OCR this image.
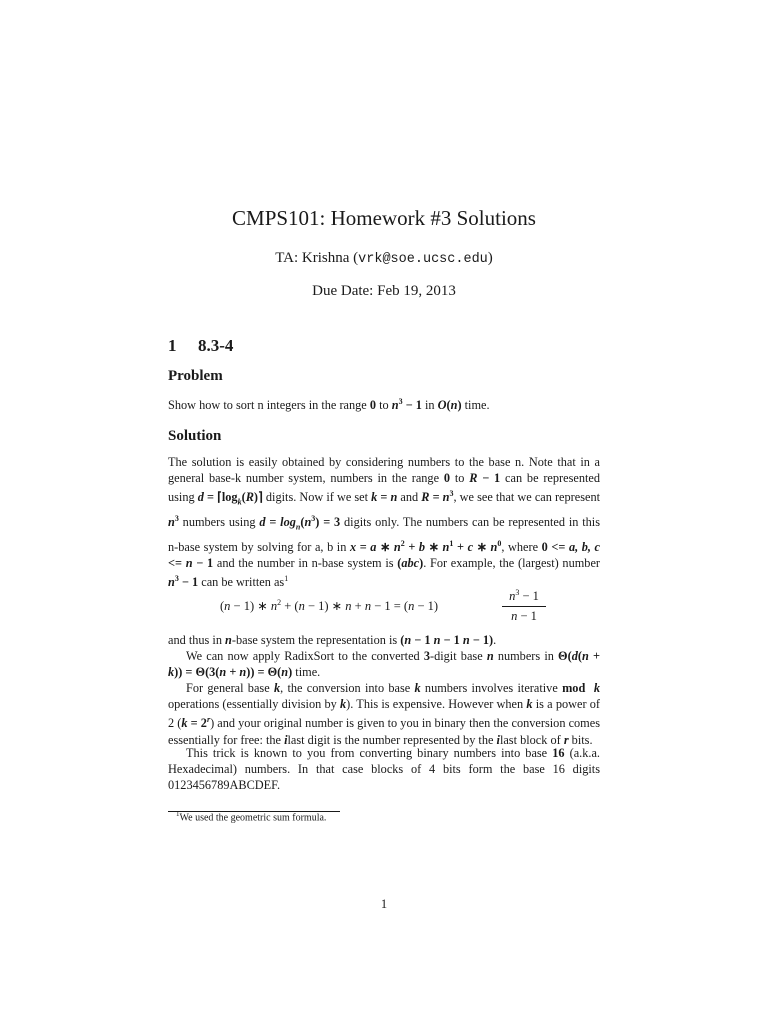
CMPS101: Homework #3 Solutions
TA: Krishna (vrk@soe.ucsc.edu)
Due Date: Feb 19, 2013
1 8.3-4
Problem

Show how to sort n integers in the range 0 to $n^3 - 1$ in O(n) time.

Solution

The solution is easily obtained by considering numbers to the base n. Note that in a general base-k number system, numbers in the range 0 to R − 1 can be represented using $d = ⌈\log_k(R)⌉$ digits. Now if we set k = n and $R = n^3$, we see that we can represent $n^3$ numbers using $d = \log_n(n^3) = 3$ digits only. The numbers can be represented in this n-base system by solving for a, b in x = a ∗ $n^2 + b$ ∗ $n^1 + c$ ∗ $n^0$, where 0 <= a, b, c <= n − 1 and the number in n-base system is (abc). For example, the (largest) number $n^3 - 1$ can be written $as^1$

(n − 1) ∗ $n^2 + (n - 1)$ ∗ n + n − 1 = (n − 1)	$\frac{n^3 - 1}{n - 1}$

and thus in n-base system the representation is (n − 1 n − 1 n − 1).

We can now apply RadixSort to the converted 3-digit base n numbers in Θ(d(n + k)) = Θ(3(n + n)) = Θ(n) time.

For general base k, the conversion into base k numbers involves iterative mod k operations (essentially division by k). This is expensive. However when k is a power of 2 $(k = 2^r)$ and your original number is given to you in binary then the conversion comes essentially for free: the ilast digit is the number represented by the ilast block of r bits.

This trick is known to you from converting binary numbers into base 16 (a.k.a. Hexadecimal) numbers. In that case blocks of 4 bits form the base 16 digits 0123456789ABCDEF.

$^1$We used the geometric sum formula.
1
